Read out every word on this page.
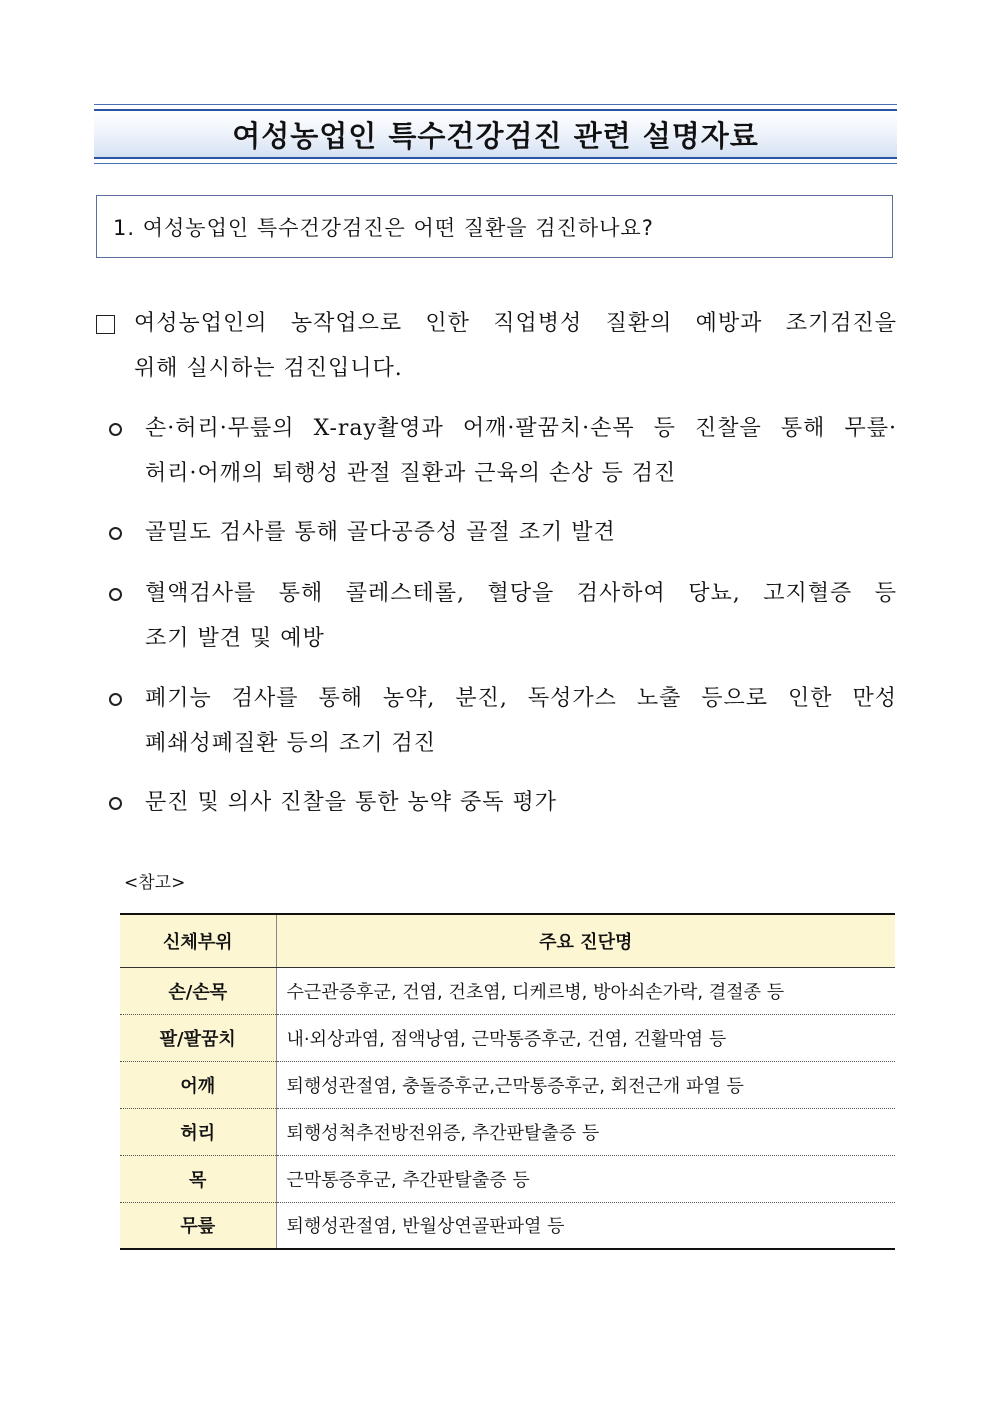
여성농업인 특수건강검진 관련 설명자료
1. 여성농업인 특수건강검진은 어떤 질환을 검진하나요?
여성농업인의 농작업으로 인한 직업병성 질환의 예방과 조기검진을
위해 실시하는 검진입니다.
손·허리·무릎의 X-ray촬영과 어깨·팔꿈치·손목 등 진찰을 통해 무릎·
허리·어깨의 퇴행성 관절 질환과 근육의 손상 등 검진
골밀도 검사를 통해 골다공증성 골절 조기 발견
혈액검사를 통해 콜레스테롤, 혈당을 검사하여 당뇨, 고지혈증 등
조기 발견 및 예방
폐기능 검사를 통해 농약, 분진, 독성가스 노출 등으로 인한 만성
폐쇄성폐질환 등의 조기 검진
문진 및 의사 진찰을 통한 농약 중독 평가
<참고>
신체부위	주요 진단명
손/손목	수근관증후군, 건염, 건초염, 디케르병, 방아쇠손가락, 결절종 등
팔/팔꿈치	내·외상과염, 점액낭염, 근막통증후군, 건염, 건활막염 등
어깨	퇴행성관절염, 충돌증후군,근막통증후군, 회전근개 파열 등
허리	퇴행성척추전방전위증, 추간판탈출증 등
목	근막통증후군, 추간판탈출증 등
무릎	퇴행성관절염, 반월상연골판파열 등
